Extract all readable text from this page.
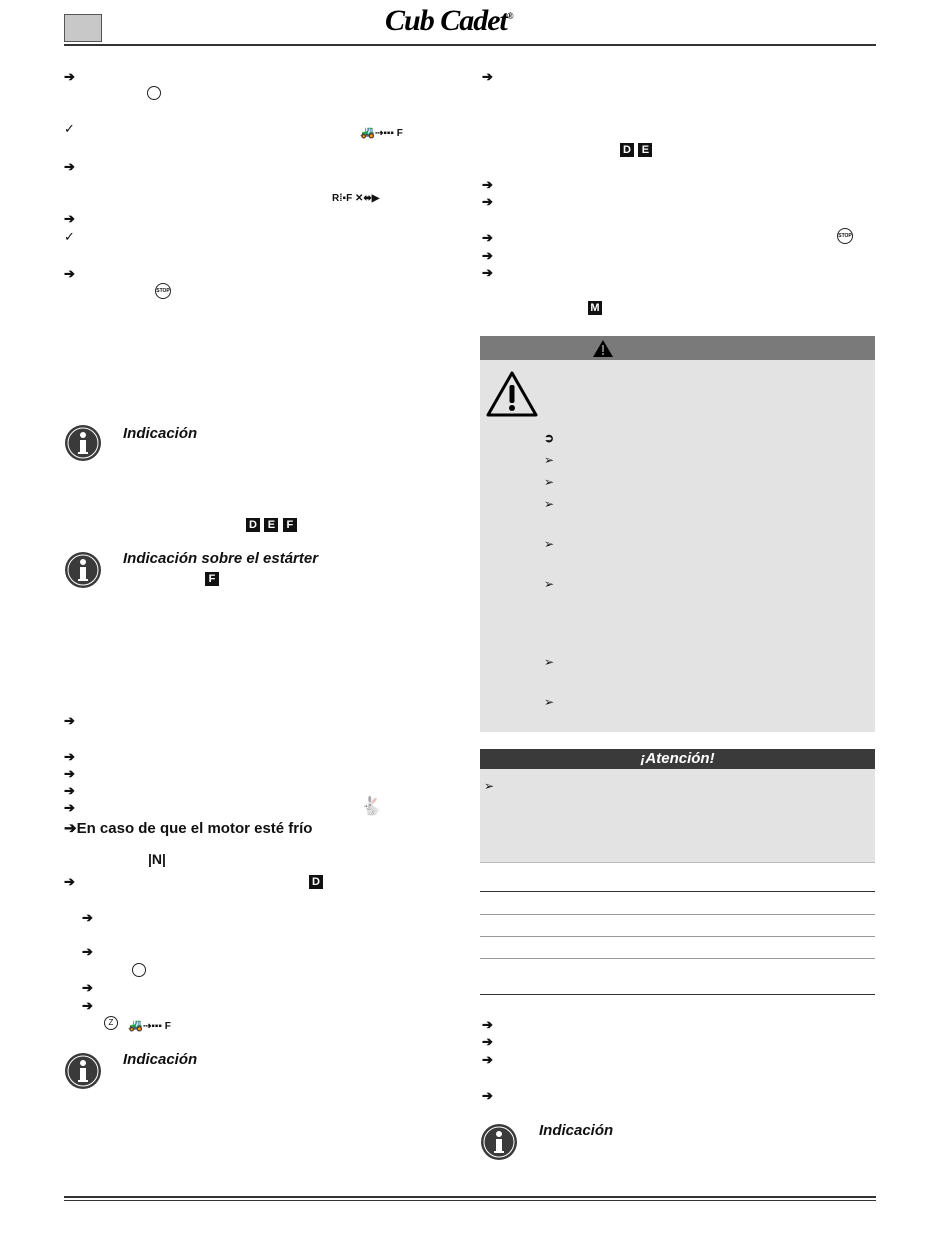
Cub Cadet®
➔
✓	🚜⇢▪▪▪ F
➔
R⁞▪F ✕⬌▶
➔
✓
➔
STOP
Indicación
D E F
Indicación sobre el estárter
F
➔
➔
➔
➔
➔	🐇
➔En caso de que el motor esté frío
|N|
➔	D
➔
➔
➔
➔
Z	🚜⇢▪▪▪ F
Indicación
➔
D E
➔
➔
➔	STOP
➔
➔
M
➲
➢
➢
➢
➢
➢
➢
➢
¡Atención!
➢
➔
➔
➔
➔
Indicación
